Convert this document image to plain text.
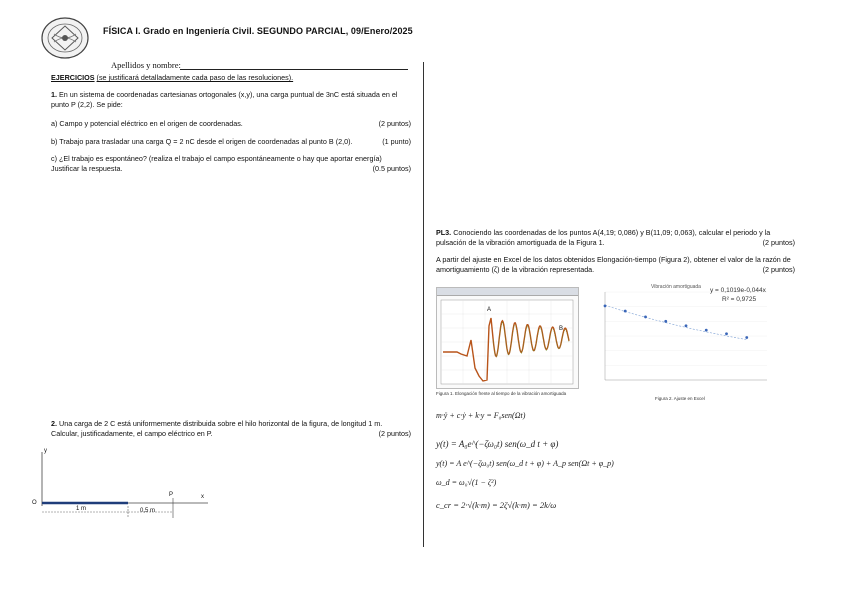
FÍSICA I. Grado en Ingeniería Civil. SEGUNDO PARCIAL, 09/Enero/2025
Apellidos y nombre:
EJERCICIOS (se justificará detalladamente cada paso de las resoluciones).
1. En un sistema de coordenadas cartesianas ortogonales (x,y), una carga puntual de 3nC está situada en el punto P (2,2). Se pide:
a) Campo y potencial eléctrico en el origen de coordenadas.	(2 puntos)
b) Trabajo para trasladar una carga Q = 2 nC desde el origen de coordenadas al punto B (2,0).	(1 punto)
c) ¿El trabajo es espontáneo? (realiza el trabajo el campo espontáneamente o hay que aportar energía) Justificar la respuesta.	(0.5 puntos)
2. Una carga de 2 C está uniformemente distribuida sobre el hilo horizontal de la figura, de longitud 1 m. Calcular, justificadamente, el campo eléctrico en P.	(2 puntos)
y
x
O
P
1 m	0,5 m
PL3. Conociendo las coordenadas de los puntos A(4,19; 0,086) y B(11,09; 0,063), calcular el periodo y la pulsación de la vibración amortiguada de la Figura 1.	(2 puntos)
A partir del ajuste en Excel de los datos obtenidos Elongación-tiempo (Figura 2), obtener el valor de la razón de amortiguamiento (ζ) de la vibración representada.	(2 puntos)
A
B
Figura 1. Elongación frente al tiempo de la vibración amortiguada
Vibración amortiguada y = 0,1019e-0,044x
R² = 0,9725
Figura 2. Ajuste en Excel
m·ÿ + c·ẏ + k·y = F₀sen(Ωt)
y(t) = A₀e^(−ζω₀t) sen(ω_d t + φ)
y(t) = A e^(−ζω₀t) sen(ω_d t + φ) + A_p sen(Ωt + φ_p)
ω_d = ω₀√(1 − ζ²)
c_cr = 2·√(k·m) = 2ζ√(k·m) = 2k/ω
